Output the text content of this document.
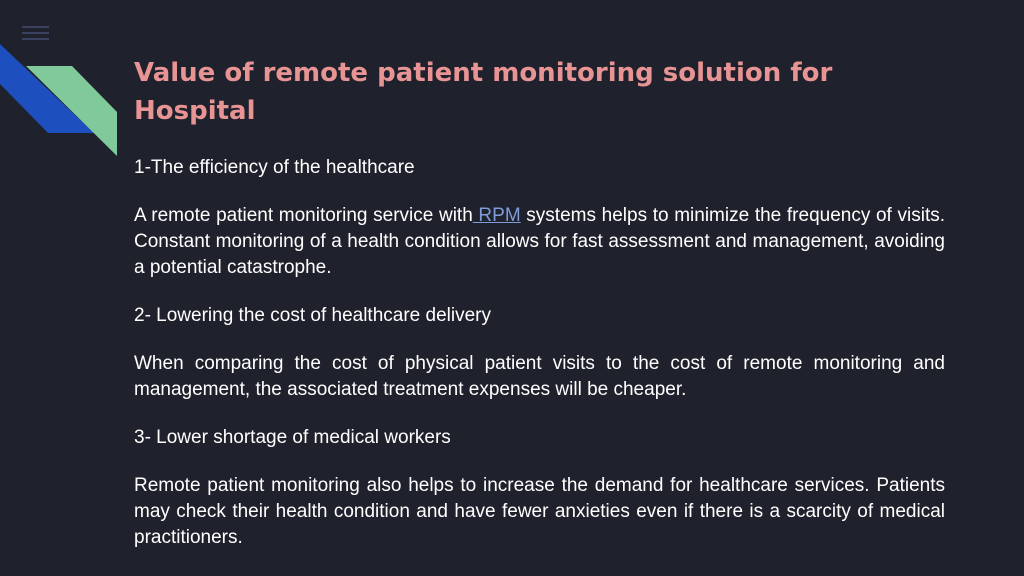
Value of remote patient monitoring solution for Hospital

1-The efficiency of the healthcare

A remote patient monitoring service with RPM systems helps to minimize the frequency of visits. Constant monitoring of a health condition allows for fast assessment and management, avoiding a potential catastrophe.

2- Lowering the cost of healthcare delivery

When comparing the cost of physical patient visits to the cost of remote monitoring and management, the associated treatment expenses will be cheaper.

3- Lower shortage of medical workers

Remote patient monitoring also helps to increase the demand for healthcare services. Patients may check their health condition and have fewer anxieties even if there is a scarcity of medical practitioners.
